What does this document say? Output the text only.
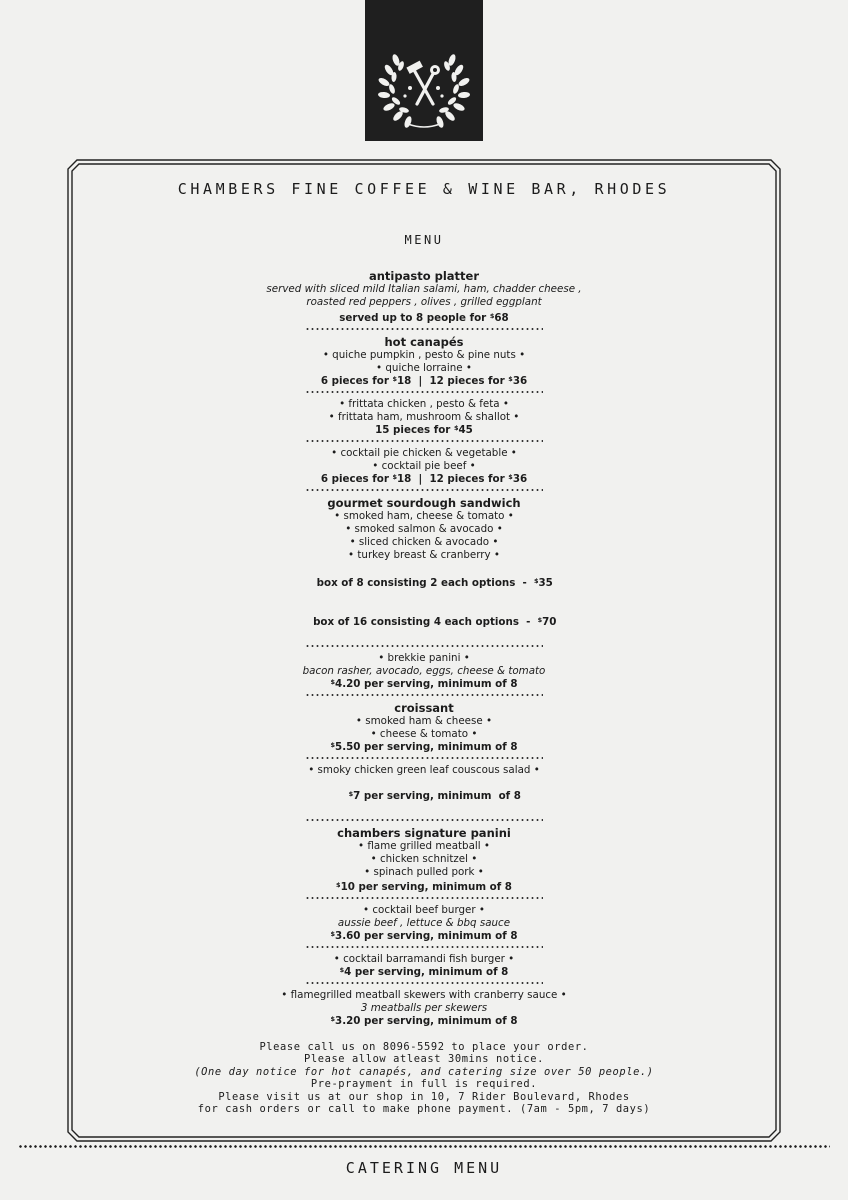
CHAMBERS FINE COFFEE & WINE BAR, RHODES
MENU
antipasto platter
served with sliced mild Italian salami, ham, chadder cheese ,
roasted red peppers , olives , grilled eggplant
served up to 8 people for $68
hot canapés
• quiche pumpkin , pesto & pine nuts •
• quiche lorraine •
6 pieces for $18  |  12 pieces for $36
• frittata chicken , pesto & feta •
• frittata ham, mushroom & shallot •
15 pieces for $45
• cocktail pie chicken & vegetable •
• cocktail pie beef •
6 pieces for $18  |  12 pieces for $36
gourmet sourdough sandwich
• smoked ham, cheese & tomato •
• smoked salmon & avocado •
• sliced chicken & avocado •
• turkey breast & cranberry •

box of 8 consisting 2 each options  -  $35

box of 16 consisting 4 each options  -  $70

• brekkie panini •
bacon rasher, avocado, eggs, cheese & tomato
$4.20 per serving, minimum of 8
croissant
• smoked ham & cheese •
• cheese & tomato •
$5.50 per serving, minimum of 8
• smoky chicken green leaf couscous salad •

$7 per serving, minimum  of 8

chambers signature panini
• flame grilled meatball •
• chicken schnitzel •
• spinach pulled pork •
$10 per serving, minimum of 8
• cocktail beef burger •
aussie beef , lettuce & bbq sauce
$3.60 per serving, minimum of 8
• cocktail barramandi fish burger •
$4 per serving, minimum of 8
• flamegrilled meatball skewers with cranberry sauce •
3 meatballs per skewers
$3.20 per serving, minimum of 8
Please call us on 8096-5592 to place your order.
Please allow atleast 30mins notice.
(One day notice for hot canapés, and catering size over 50 people.)
Pre-prayment in full is required.
Please visit us at our shop in 10, 7 Rider Boulevard, Rhodes
for cash orders or call to make phone payment. (7am - 5pm, 7 days)
CATERING MENU
